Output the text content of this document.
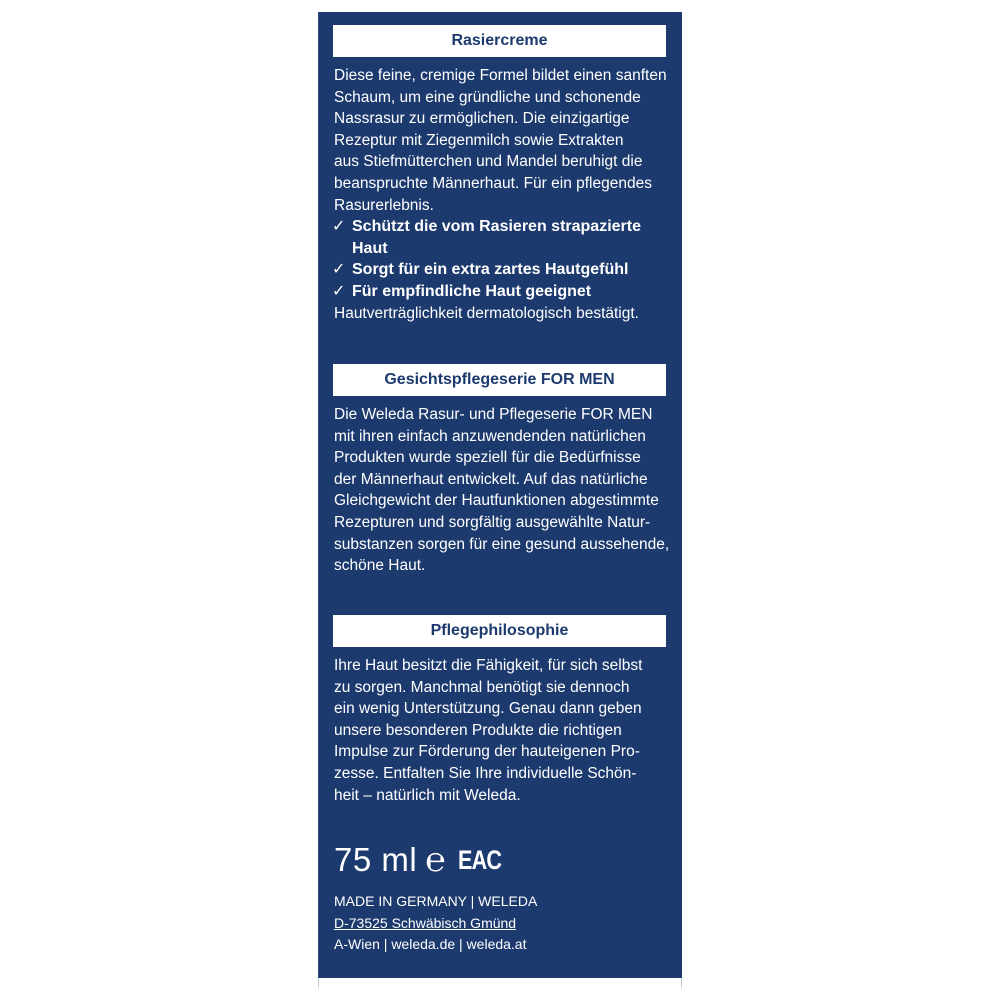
Rasiercreme

Diese feine, cremige Formel bildet einen sanften
Schaum, um eine gründliche und schonende
Nassrasur zu ermöglichen. Die einzigartige
Rezeptur mit Ziegenmilch sowie Extrakten
aus Stiefmütterchen und Mandel beruhigt die
beanspruchte Männerhaut. Für ein pflegendes
Rasurerlebnis.

✓ Schützt die vom Rasieren strapazierte
Haut
✓ Sorgt für ein extra zartes Hautgefühl
✓ Für empfindliche Haut geeignet
Hautverträglichkeit dermatologisch bestätigt.
Gesichtspflegeserie FOR MEN

Die Weleda Rasur- und Pflegeserie FOR MEN
mit ihren einfach anzuwendenden natürlichen
Produkten wurde speziell für die Bedürfnisse
der Männerhaut entwickelt. Auf das natürliche
Gleichgewicht der Hautfunktionen abgestimmte
Rezepturen und sorgfältig ausgewählte Natur-
substanzen sorgen für eine gesund aussehende,
schöne Haut.

Pflegephilosophie

Ihre Haut besitzt die Fähigkeit, für sich selbst
zu sorgen. Manchmal benötigt sie dennoch
ein wenig Unterstützung. Genau dann geben
unsere besonderen Produkte die richtigen
Impulse zur Förderung der hauteigenen Pro-
zesse. Entfalten Sie Ihre individuelle Schön-
heit – natürlich mit Weleda.

75 ml ℮ EAC
MADE IN GERMANY | WELEDA
D-73525 Schwäbisch Gmünd
A-Wien | weleda.de | weleda.at
